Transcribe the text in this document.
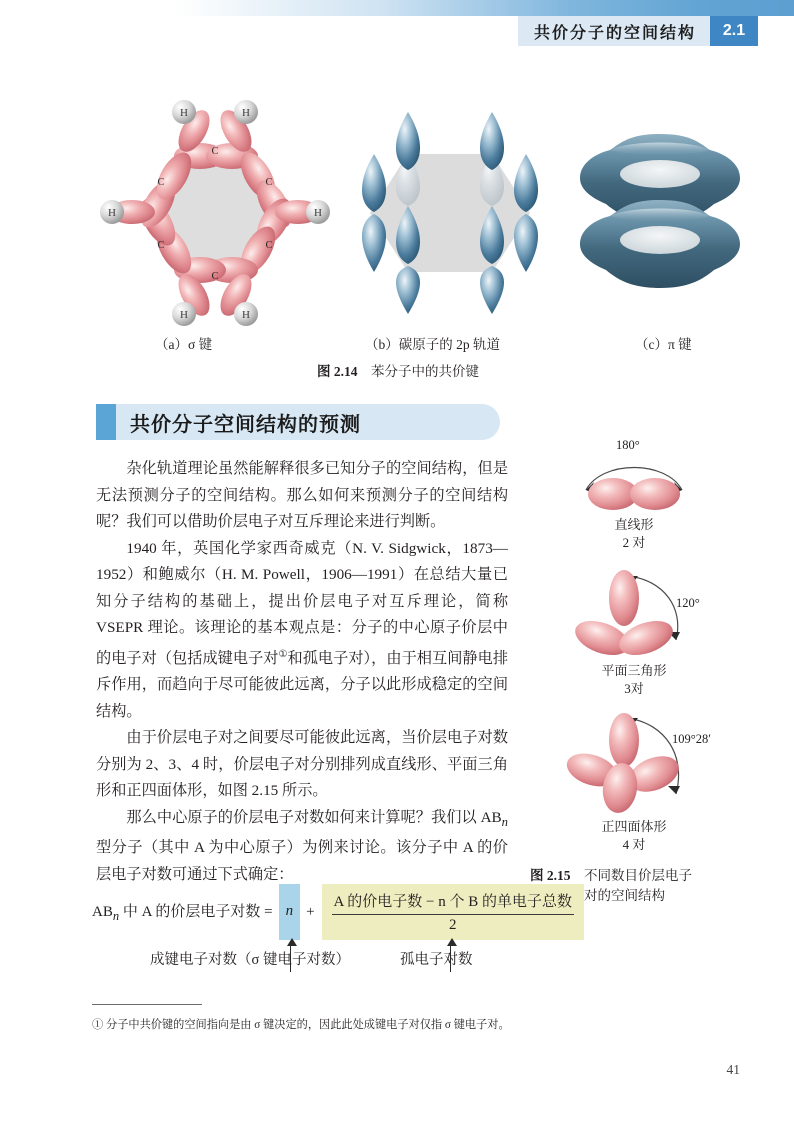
共价分子的空间结构	2.1
H	H
H
H
H
H
C
C
C
C
C
C
（a）σ 键	（b）碳原子的 2p 轨道	（c）π 键
图 2.14 苯分子中的共价键
共价分子空间结构的预测

杂化轨道理论虽然能解释很多已知分子的空间结构，但是无法预测分子的空间结构。那么如何来预测分子的空间结构呢？我们可以借助价层电子对互斥理论来进行判断。

1940 年，英国化学家西奇威克（N. V. Sidgwick，1873—1952）和鲍威尔（H. M. Powell，1906—1991）在总结大量已知分子结构的基础上，提出价层电子对互斥理论，简称 VSEPR 理论。该理论的基本观点是：分子的中心原子价层中的电子对（包括成键电子对①和孤电子对），由于相互间静电排斥作用，而趋向于尽可能彼此远离，分子以此形成稳定的空间结构。

由于价层电子对之间要尽可能彼此远离，当价层电子对数分别为 2、3、4 时，价层电子对分别排列成直线形、平面三角形和正四面体形，如图 2.15 所示。

那么中心原子的价层电子对数如何来计算呢？我们以 $AB_n$型分子（其中 A 为中心原子）为例来讨论。该分子中 A 的价层电子对数可通过下式确定：

180°
直线形
2 对
120°
平面三角形
3对
109°28′
正四面体形
4 对
图 2.15 不同数目价层电子
对的空间结构
$AB_n$ 中 A 的价层电子对数 = $n + \frac{\text{A 的价电子数 − n 个 B 的单电子总数}}{2}$
成键电子对数（σ 键电子对数）	孤电子对数
① 分子中共价键的空间指向是由 σ 键决定的，因此此处成键电子对仅指 σ 键电子对。
41
